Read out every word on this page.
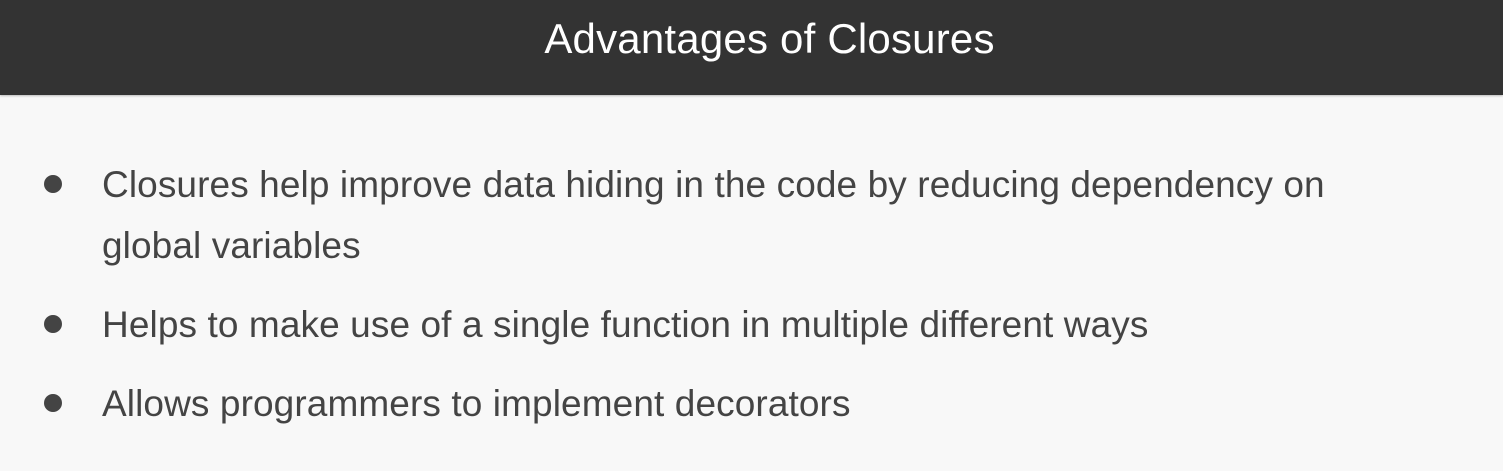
Advantages of Closures
Closures help improve data hiding in the code by reducing dependency on
global variables
Helps to make use of a single function in multiple different ways
Allows programmers to implement decorators
